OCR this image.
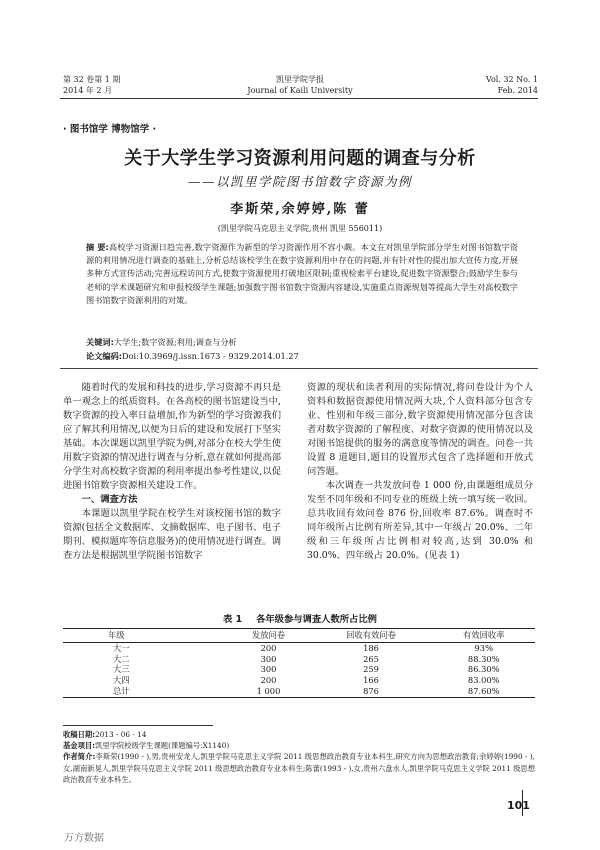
第 32 卷第 1 期
2014 年 2 月
凯里学院学报
Journal of Kaili University
Vol. 32 No. 1
Feb. 2014
· 图书馆学 博物馆学 ·
关于大学生学习资源利用问题的调查与分析
——以凯里学院图书馆数字资源为例
李斯荣,余婷婷,陈 蕾
(凯里学院马克思主义学院,贵州 凯里 556011)
摘 要:高校学习资源日趋完善,数字资源作为新型的学习资源作用不容小觑。本文在对凯里学院部分学生对图书馆数字资源的利用情况进行调查的基础上,分析总结该校学生在数字资源利用中存在的问题,并有针对性的提出加大宣传力度,开展多种方式宣传活动;完善远程访问方式,使数字资源使用打破地区限制;重视检索平台建设,促进数字资源整合;鼓励学生参与老师的学术课题研究和申报校级学生课题;加强数字图书馆数字资源内容建设,实施重点资源规划等提高大学生对高校数字图书馆数字资源利用的对策。
关键词:大学生;数字资源;利用;调查与分析
论文编码:Doi:10.3969/j.issn.1673 - 9329.2014.01.27

随着时代的发展和科技的进步,学习资源不再只是单一观念上的纸质资料。在各高校的图书馆建设当中,数字资源的投入率日益增加,作为新型的学习资源我们应了解其利用情况,以便为日后的建设和发展打下坚实基础。本次课题以凯里学院为例,对部分在校大学生使用数字资源的情况进行调查与分析,意在就如何提高部分学生对高校数字资源的利用率提出参考性建议,以促进图书馆数字资源相关建设工作。

一、调查方法

本课题以凯里学院在校学生对该校图书馆的数字资源(包括全文数据库、文摘数据库、电子图书、电子期刊、模拟题库等信息服务)的使用情况进行调查。调查方法是根据凯里学院图书馆数字

资源的现状和读者利用的实际情况,将问卷设计为个人资料和数据资源使用情况两大块,个人资料部分包含专业、性别和年级三部分,数字资源使用情况部分包含读者对数字资源的了解程度、对数字资源的使用情况以及对图书馆提供的服务的满意度等情况的调查。问卷一共设置 8 道题目,题目的设置形式包含了选择题和开放式问答题。

本次调查一共发放问卷 1 000 份,由课题组成员分发至不同年级和不同专业的班级上统一填写统一收回。总共收回有效问卷 876 份,回收率 87.6%。调查时不同年级所占比例有所差异,其中一年级占 20.0%、二年级和三年级所占比例相对较高,达到 30.0% 和 30.0%、四年级占 20.0%。(见表 1)

表 1 各年级参与调查人数所占比例
年级	发放问卷	回收有效问卷	有效回收率
大一	200	186	93%
大二	300	265	88.30%
大三	300	259	86.30%
大四	200	166	83.00%
总计	1 000	876	87.60%
收稿日期:2013 - 06 - 14
基金项目:凯里学院校级学生课题(课题编号:X1140)
作者简介:李斯荣(1990 - ),男,贵州安龙人,凯里学院马克思主义学院 2011 级思想政治教育专业本科生,研究方向为思想政治教育;余婷婷(1990 - ),女,湖南新晃人,凯里学院马克思主义学院 2011 级思想政治教育专业本科生;陈蕾(1993 - ),女,贵州六盘水人,凯里学院马克思主义学院 2011 级思想政治教育专业本科生。
101
万方数据
